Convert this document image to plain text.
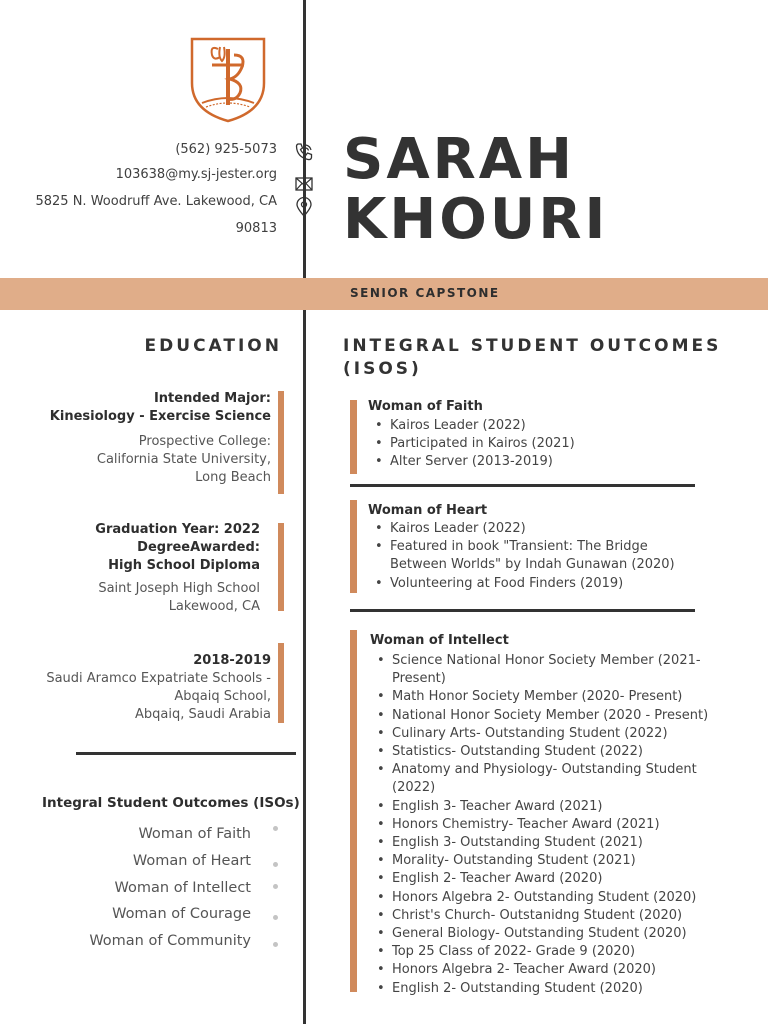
SENIOR CAPSTONE
(562) 925-5073
103638@my.sj-jester.org
5825 N. Woodruff Ave. Lakewood, CA
90813
SARAH
KHOURI
EDUCATION
Intended Major:
Kinesiology - Exercise Science
Prospective College:
California State University,
Long Beach
Graduation Year: 2022
DegreeAwarded:
High School Diploma
Saint Joseph High School
Lakewood, CA
2018-2019
Saudi Aramco Expatriate Schools -
Abqaiq School,
Abqaiq, Saudi Arabia
Integral Student Outcomes (ISOs)
Woman of Faith
Woman of Heart
Woman of Intellect
Woman of Courage
Woman of Community
INTEGRAL STUDENT OUTCOMES
(ISOS)
Woman of Faith
• Kairos Leader (2022)
• Participated in Kairos (2021)
• Alter Server (2013-2019)
Woman of Heart
• Kairos Leader (2022)
• Featured in book "Transient: The Bridge
Between Worlds" by Indah Gunawan (2020)
• Volunteering at Food Finders (2019)
Woman of Intellect
• Science National Honor Society Member (2021-
Present)
• Math Honor Society Member (2020- Present)
• National Honor Society Member (2020 - Present)
• Culinary Arts- Outstanding Student (2022)
• Statistics- Outstanding Student (2022)
• Anatomy and Physiology- Outstanding Student
(2022)
• English 3- Teacher Award (2021)
• Honors Chemistry- Teacher Award (2021)
• English 3- Outstanding Student (2021)
• Morality- Outstanding Student (2021)
• English 2- Teacher Award (2020)
• Honors Algebra 2- Outstanding Student (2020)
• Christ's Church- Outstanidng Student (2020)
• General Biology- Outstanding Student (2020)
• Top 25 Class of 2022- Grade 9 (2020)
• Honors Algebra 2- Teacher Award (2020)
• English 2- Outstanding Student (2020)
